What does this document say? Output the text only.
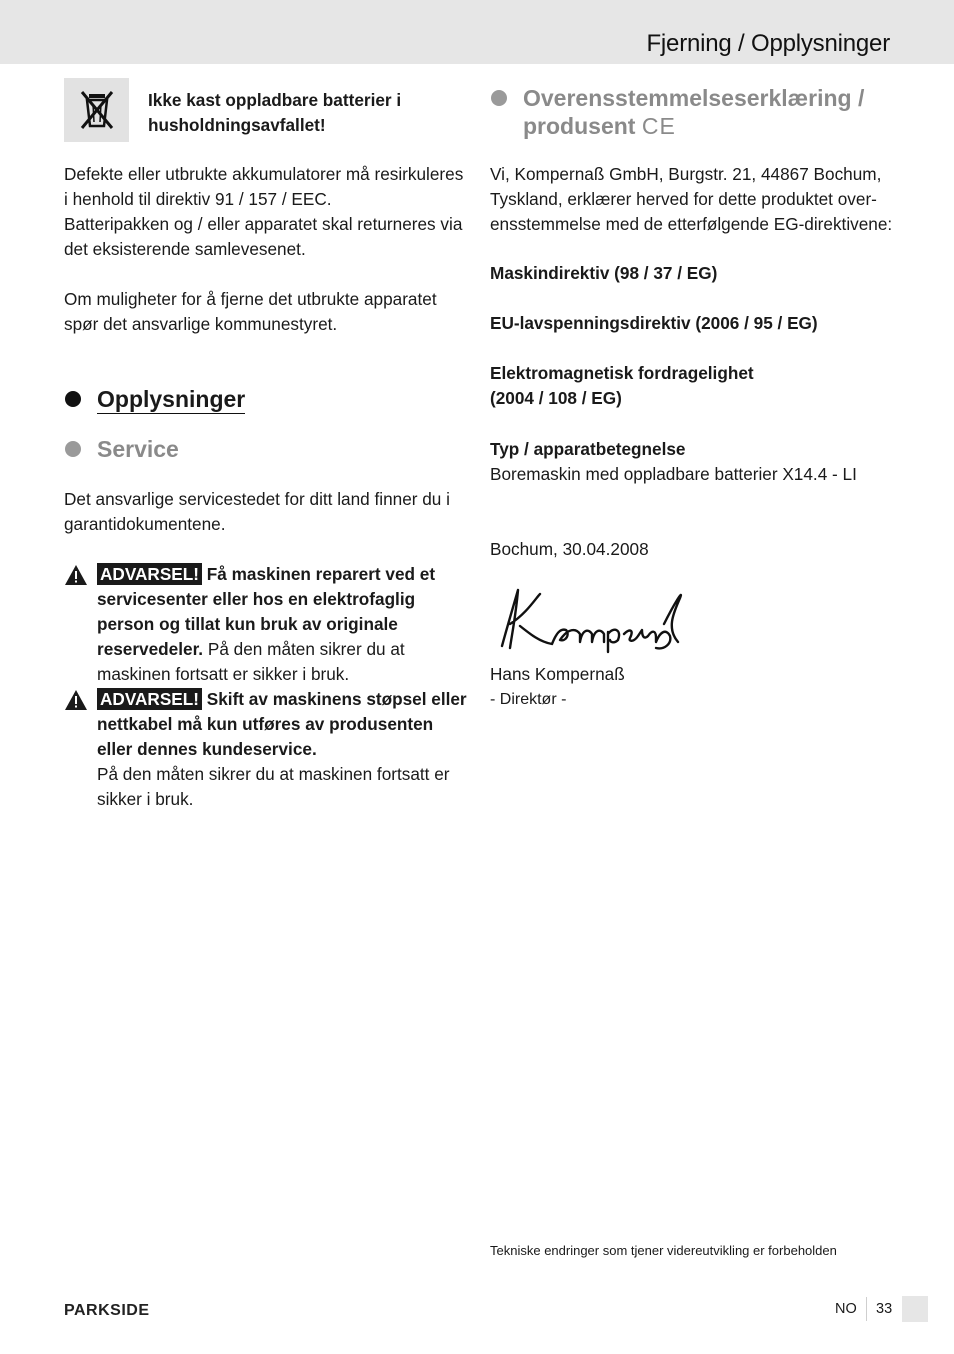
Fjerning / Opplysninger

Ikke kast oppladbare batterier i husholdningsavfallet!

Defekte eller utbrukte akkumulatorer må resirkuleres i henhold til direktiv 91 / 157 / EEC.

Batteripakken og / eller apparatet skal returneres via det eksisterende samlevesenet.

Om muligheter for å fjerne det utbrukte apparatet spør det ansvarlige kommunestyret.

Opplysninger
Service

Det ansvarlige servicestedet for ditt land finner du i garantidokumentene.

ADVARSEL! Få maskinen reparert ved et servicesenter eller hos en elektrofaglig person og tillat kun bruk av originale reservedeler. På den måten sikrer du at maskinen fortsatt er sikker i bruk.
ADVARSEL! Skift av maskinens støpsel eller nettkabel må kun utføres av produsenten eller dennes kundeservice.
På den måten sikrer du at maskinen fortsatt er sikker i bruk.
Overensstemmelseserklæring /
produsent CE

Vi, Kompernaß GmbH, Burgstr. 21, 44867 Bochum, Tyskland, erklærer herved for dette produktet overensstemmelse med de etterfølgende EG-direktivene:

Maskindirektiv (98 / 37 / EG)

EU-lavspenningsdirektiv (2006 / 95 / EG)

Elektromagnetisk fordragelighet

(2004 / 108 / EG)

Typ / apparatbetegnelse

Boremaskin med oppladbare batterier X14.4 - LI

Bochum, 30.04.2008

Hans Kompernaß

- Direktør -

Tekniske endringer som tjener videreutvikling er forbeholden
PARKSIDE	NO 33
